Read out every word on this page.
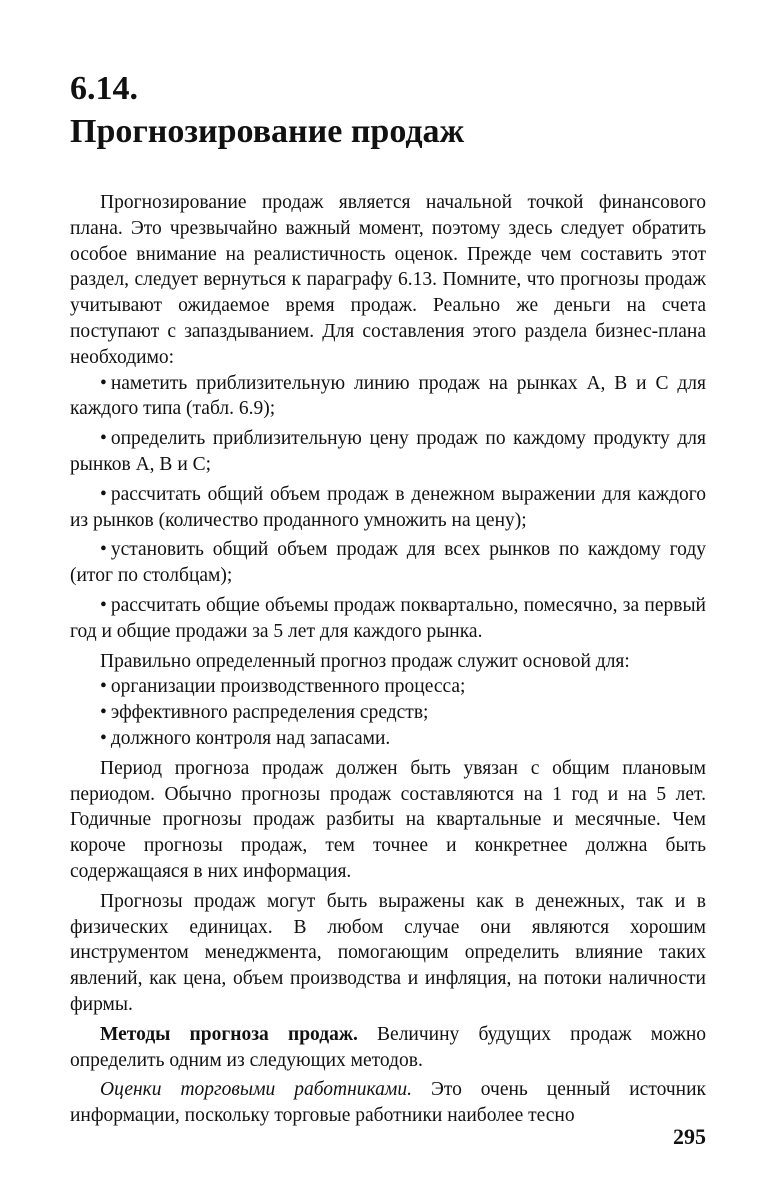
6.14.
Прогнозирование продаж

Прогнозирование продаж является начальной точкой финансового плана. Это чрезвычайно важный момент, поэтому здесь следует обратить особое внимание на реалистичность оценок. Прежде чем составить этот раздел, следует вернуться к параграфу 6.13. Помните, что прогнозы продаж учитывают ожидаемое время продаж. Реально же деньги на счета поступают с запаздыванием. Для составления этого раздела бизнес-плана необходимо:

• наметить приблизительную линию продаж на рынках А, В и С для каждого типа (табл. 6.9);

• определить приблизительную цену продаж по каждому продукту для рынков А, В и С;

• рассчитать общий объем продаж в денежном выражении для каждого из рынков (количество проданного умножить на цену);

• установить общий объем продаж для всех рынков по каждому году (итог по столбцам);

• рассчитать общие объемы продаж поквартально, помесячно, за первый год и общие продажи за 5 лет для каждого рынка.

Правильно определенный прогноз продаж служит основой для:

• организации производственного процесса;

• эффективного распределения средств;

• должного контроля над запасами.

Период прогноза продаж должен быть увязан с общим плановым периодом. Обычно прогнозы продаж составляются на 1 год и на 5 лет. Годичные прогнозы продаж разбиты на квартальные и месячные. Чем короче прогнозы продаж, тем точнее и конкретнее должна быть содержащаяся в них информация.

Прогнозы продаж могут быть выражены как в денежных, так и в физических единицах. В любом случае они являются хорошим инструментом менеджмента, помогающим определить влияние таких явлений, как цена, объем производства и инфляция, на потоки наличности фирмы.

Методы прогноза продаж. Величину будущих продаж можно определить одним из следующих методов.

Оценки торговыми работниками. Это очень ценный источник информации, поскольку торговые работники наиболее тесно

295
